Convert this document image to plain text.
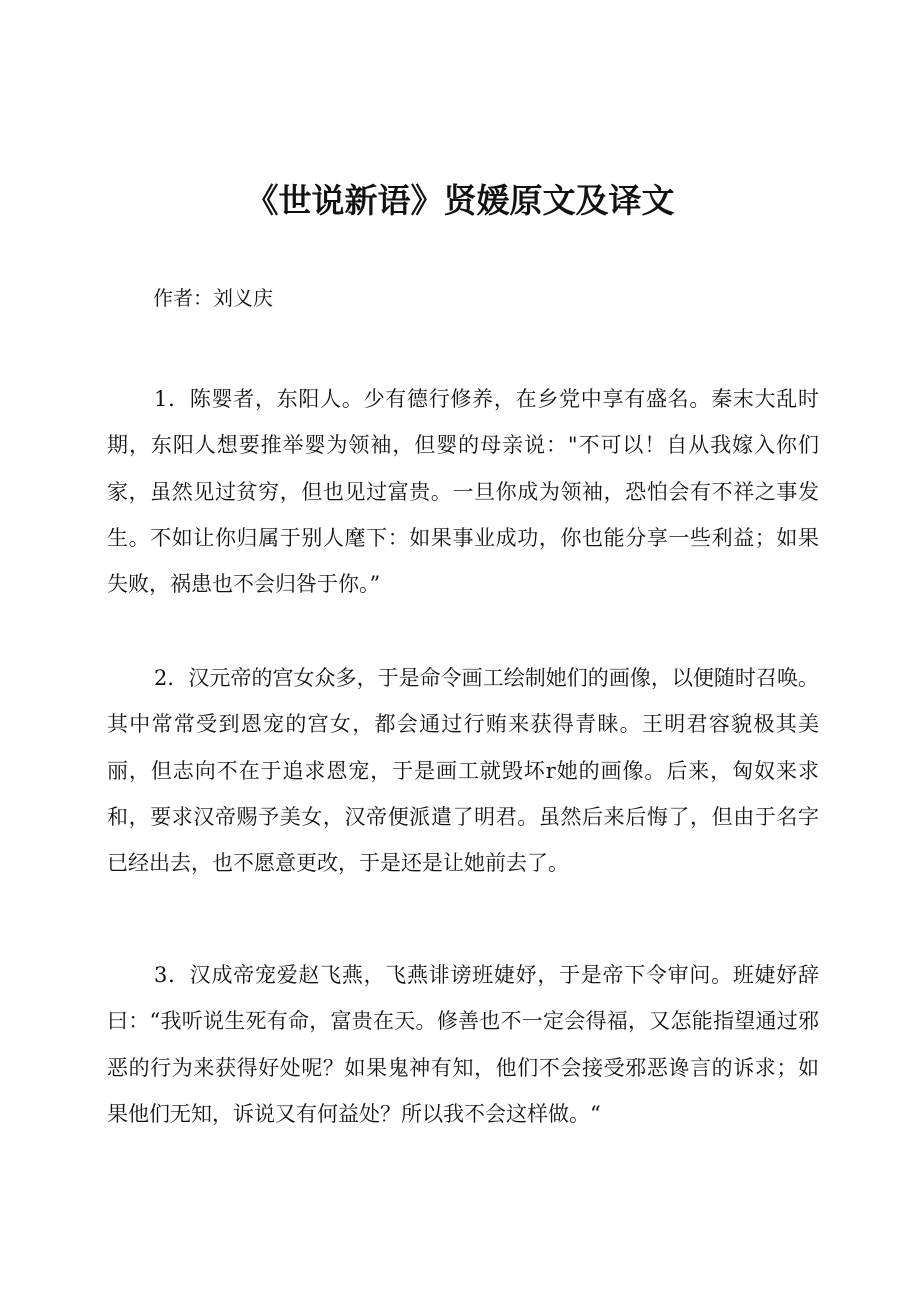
《世说新语》贤媛原文及译文

作者：刘义庆

1．陈婴者，东阳人。少有德行修养，在乡党中享有盛名。秦末大乱时期，东阳人想要推举婴为领袖，但婴的母亲说："不可以！自从我嫁入你们家，虽然见过贫穷，但也见过富贵。一旦你成为领袖，恐怕会有不祥之事发生。不如让你归属于别人麾下：如果事业成功，你也能分享一些利益；如果失败，祸患也不会归咎于你。”

2．汉元帝的宫女众多，于是命令画工绘制她们的画像，以便随时召唤。其中常常受到恩宠的宫女，都会通过行贿来获得青睐。王明君容貌极其美丽，但志向不在于追求恩宠，于是画工就毁坏r她的画像。后来，匈奴来求和，要求汉帝赐予美女，汉帝便派遣了明君。虽然后来后悔了，但由于名字已经出去，也不愿意更改，于是还是让她前去了。

3．汉成帝宠爱赵飞燕，飞燕诽谤班婕妤，于是帝下令审问。班婕妤辞曰：“我听说生死有命，富贵在天。修善也不一定会得福，又怎能指望通过邪恶的行为来获得好处呢？如果鬼神有知，他们不会接受邪恶谗言的诉求；如果他们无知，诉说又有何益处？所以我不会这样做。“
